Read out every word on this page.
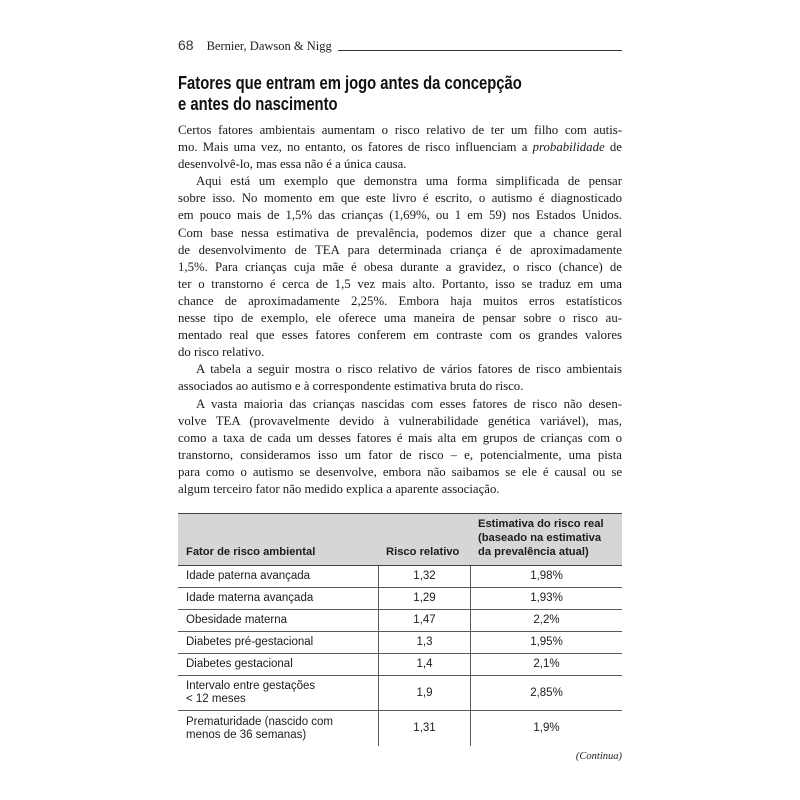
68 Bernier, Dawson & Nigg
Fatores que entram em jogo antes da concepção
e antes do nascimento
Certos fatores ambientais aumentam o risco relativo de ter um filho com autis-
mo. Mais uma vez, no entanto, os fatores de risco influenciam a probabilidade de
desenvolvê-lo, mas essa não é a única causa.
Aqui está um exemplo que demonstra uma forma simplificada de pensar
sobre isso. No momento em que este livro é escrito, o autismo é diagnosticado
em pouco mais de 1,5% das crianças (1,69%, ou 1 em 59) nos Estados Unidos.
Com base nessa estimativa de prevalência, podemos dizer que a chance geral
de desenvolvimento de TEA para determinada criança é de aproximadamente
1,5%. Para crianças cuja mãe é obesa durante a gravidez, o risco (chance) de
ter o transtorno é cerca de 1,5 vez mais alto. Portanto, isso se traduz em uma
chance de aproximadamente 2,25%. Embora haja muitos erros estatísticos
nesse tipo de exemplo, ele oferece uma maneira de pensar sobre o risco au-
mentado real que esses fatores conferem em contraste com os grandes valores
do risco relativo.
A tabela a seguir mostra o risco relativo de vários fatores de risco ambientais
associados ao autismo e à correspondente estimativa bruta do risco.
A vasta maioria das crianças nascidas com esses fatores de risco não desen-
volve TEA (provavelmente devido à vulnerabilidade genética variável), mas,
como a taxa de cada um desses fatores é mais alta em grupos de crianças com o
transtorno, consideramos isso um fator de risco – e, potencialmente, uma pista
para como o autismo se desenvolve, embora não saibamos se ele é causal ou se
algum terceiro fator não medido explica a aparente associação.
Fator de risco ambiental	Risco relativo
Estimativa do risco real
(baseado na estimativa
da prevalência atual)
Idade paterna avançada	1,32	1,98%
Idade materna avançada	1,29	1,93%
Obesidade materna	1,47	2,2%
Diabetes pré-gestacional	1,3	1,95%
Diabetes gestacional	1,4	2,1%
Intervalo entre gestações
< 12 meses
1,9	2,85%
Prematuridade (nascido com
menos de 36 semanas)
1,31	1,9%
(Continua)
